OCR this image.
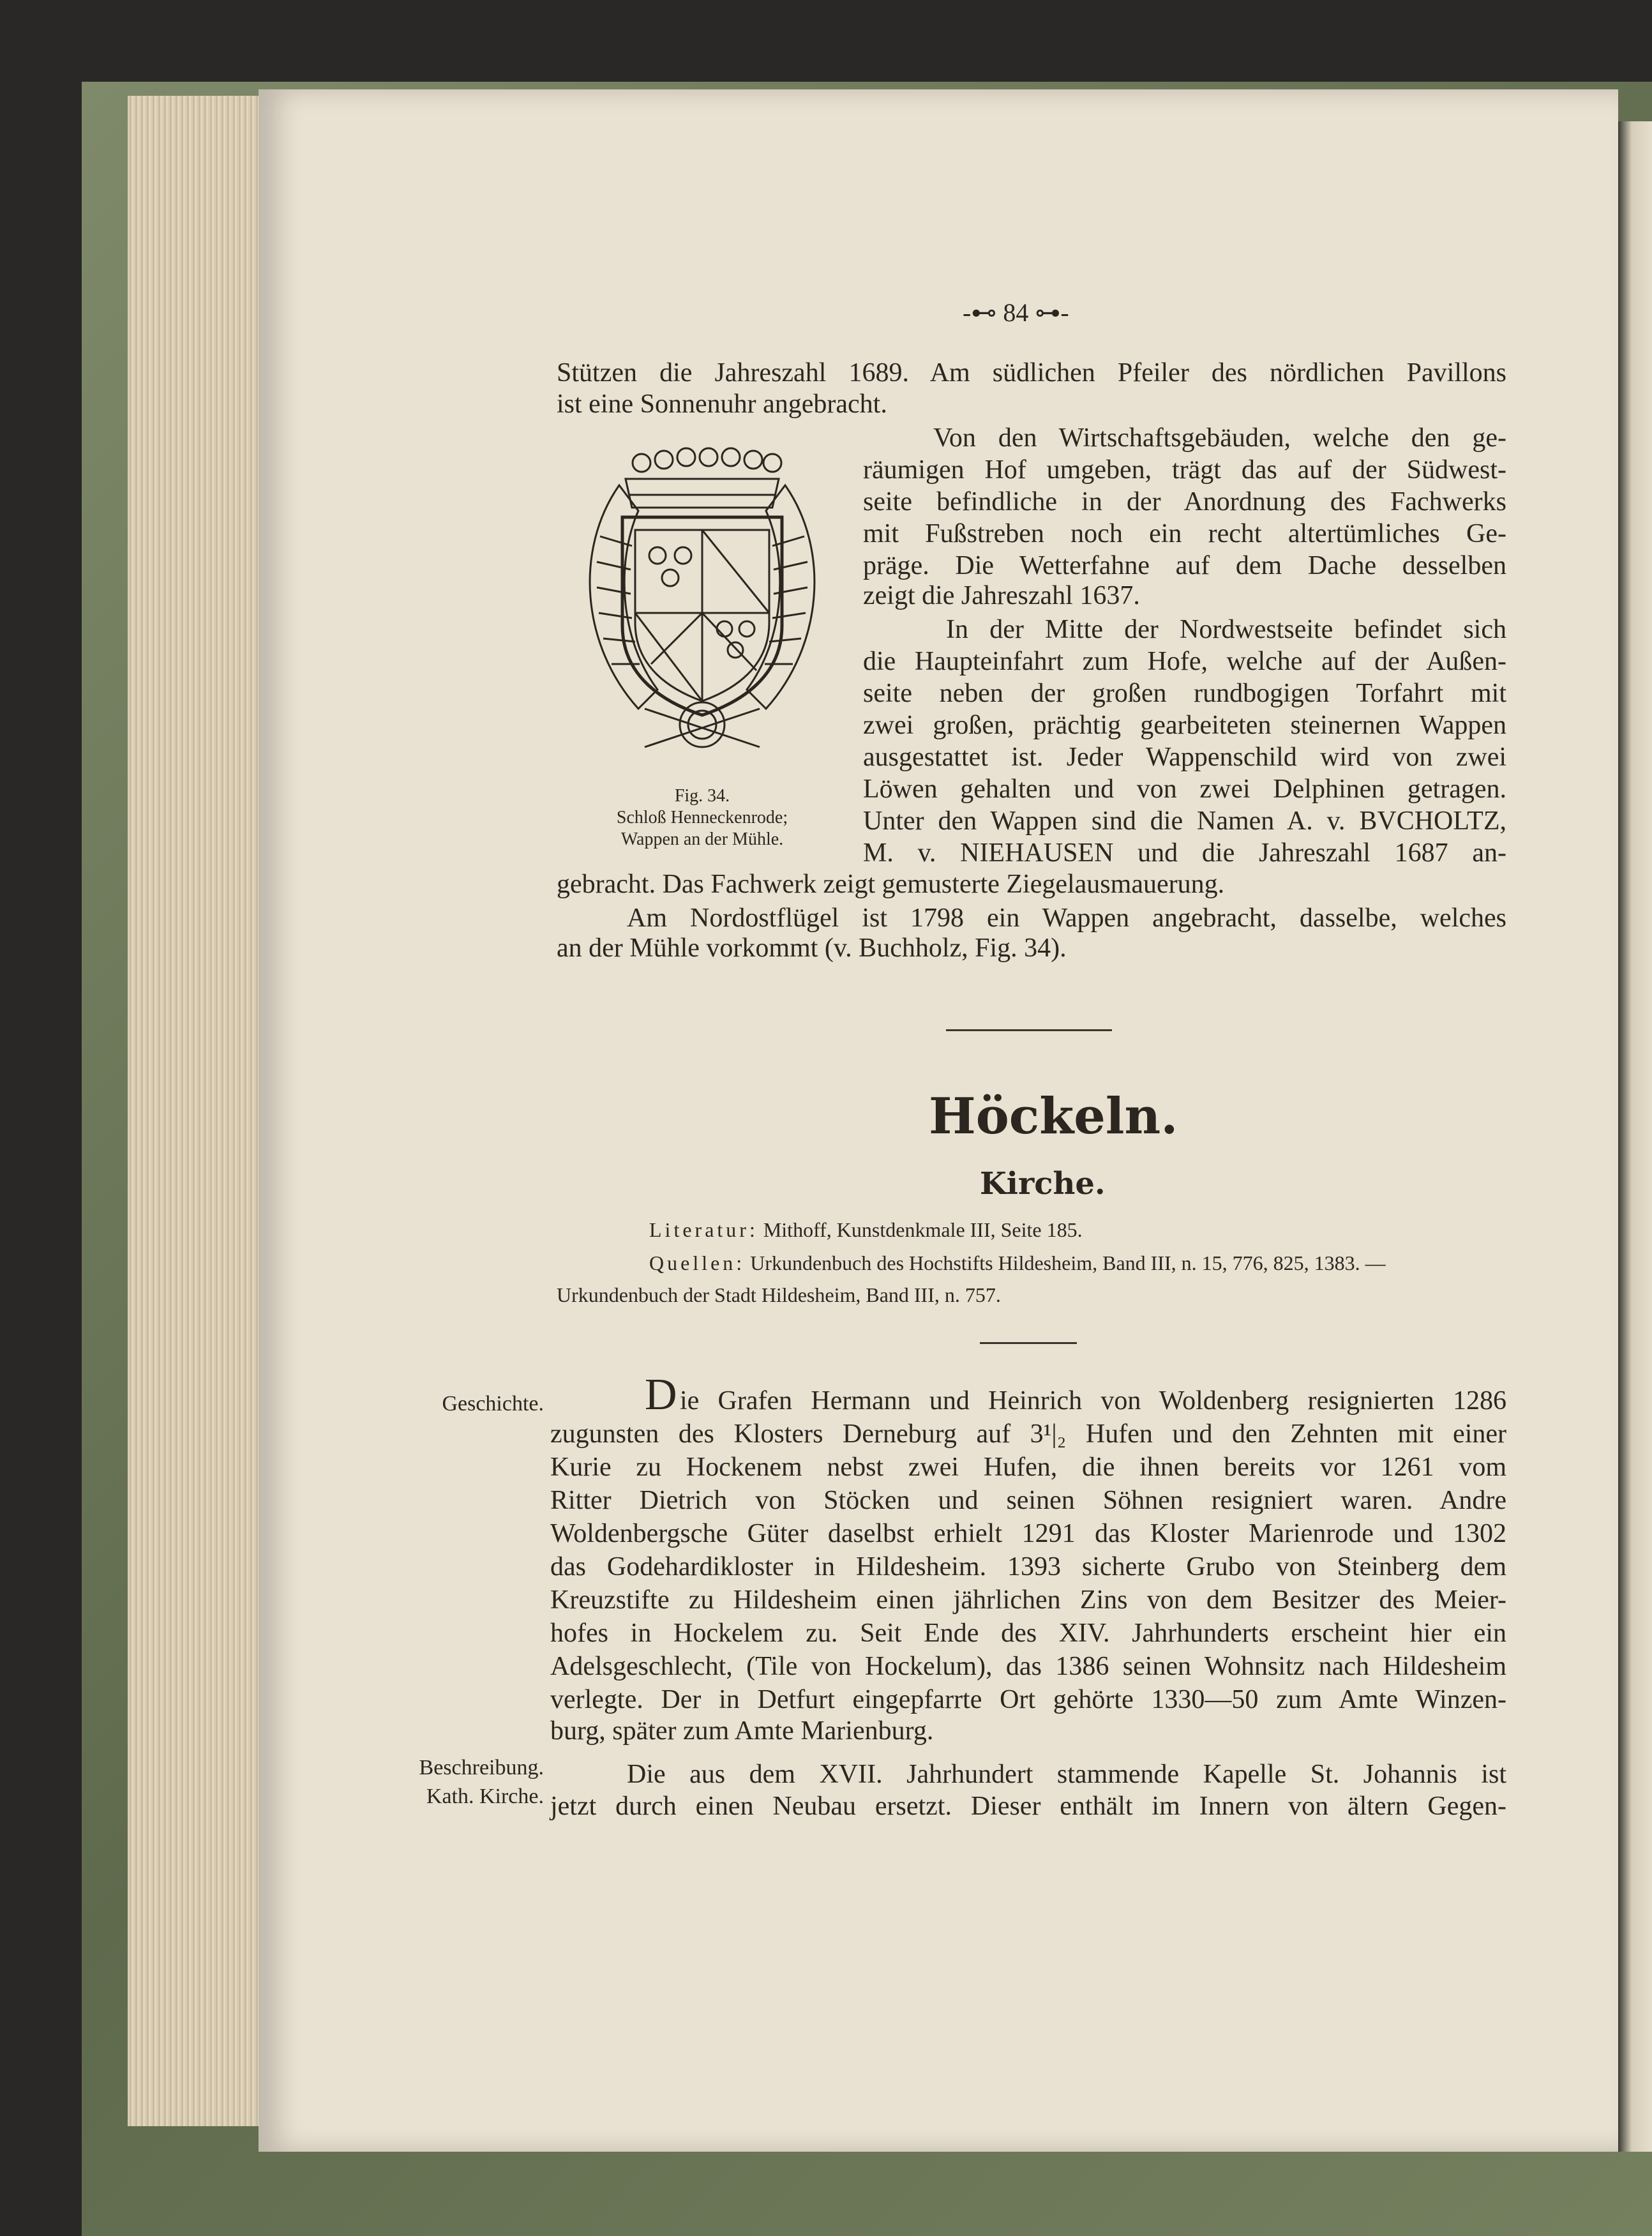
-⊷ 84 ⊶-
Stützen die Jahreszahl 1689. Am südlichen Pfeiler des nördlichen Pavillons
ist eine Sonnenuhr angebracht.
Fig. 34.
Schloß Henneckenrode;
Wappen an der Mühle.
Von den Wirtschaftsgebäuden, welche den ge-
räumigen Hof umgeben, trägt das auf der Südwest-
seite befindliche in der Anordnung des Fachwerks
mit Fußstreben noch ein recht altertümliches Ge-
präge. Die Wetterfahne auf dem Dache desselben
zeigt die Jahreszahl 1637.
In der Mitte der Nordwestseite befindet sich
die Haupteinfahrt zum Hofe, welche auf der Außen-
seite neben der großen rundbogigen Torfahrt mit
zwei großen, prächtig gearbeiteten steinernen Wappen
ausgestattet ist. Jeder Wappenschild wird von zwei
Löwen gehalten und von zwei Delphinen getragen.
Unter den Wappen sind die Namen A. v. BVCHOLTZ,
M. v. NIEHAUSEN und die Jahreszahl 1687 an-
gebracht. Das Fachwerk zeigt gemusterte Ziegelausmauerung.
Am Nordostflügel ist 1798 ein Wappen angebracht, dasselbe, welches
an der Mühle vorkommt (v. Buchholz, Fig. 34).
Höckeln.
Kirche.
Literatur: Mithoff, Kunstdenkmale III, Seite 185.
Quellen: Urkundenbuch des Hochstifts Hildesheim, Band III, n. 15, 776, 825, 1383. —
Urkundenbuch der Stadt Hildesheim, Band III, n. 757.
Geschichte.
Beschreibung.
Kath. Kirche.
D ie Grafen Hermann und Heinrich von Woldenberg resignierten 1286
zugunsten des Klosters Derneburg auf 3¹|₂ Hufen und den Zehnten mit einer
Kurie zu Hockenem nebst zwei Hufen, die ihnen bereits vor 1261 vom
Ritter Dietrich von Stöcken und seinen Söhnen resigniert waren. Andre
Woldenbergsche Güter daselbst erhielt 1291 das Kloster Marienrode und 1302
das Godehardikloster in Hildesheim. 1393 sicherte Grubo von Steinberg dem
Kreuzstifte zu Hildesheim einen jährlichen Zins von dem Besitzer des Meier-
hofes in Hockelem zu. Seit Ende des XIV. Jahrhunderts erscheint hier ein
Adelsgeschlecht, (Tile von Hockelum), das 1386 seinen Wohnsitz nach Hildesheim
verlegte. Der in Detfurt eingepfarrte Ort gehörte 1330—50 zum Amte Winzen-
burg, später zum Amte Marienburg.
Die aus dem XVII. Jahrhundert stammende Kapelle St. Johannis ist
jetzt durch einen Neubau ersetzt. Dieser enthält im Innern von ältern Gegen-
